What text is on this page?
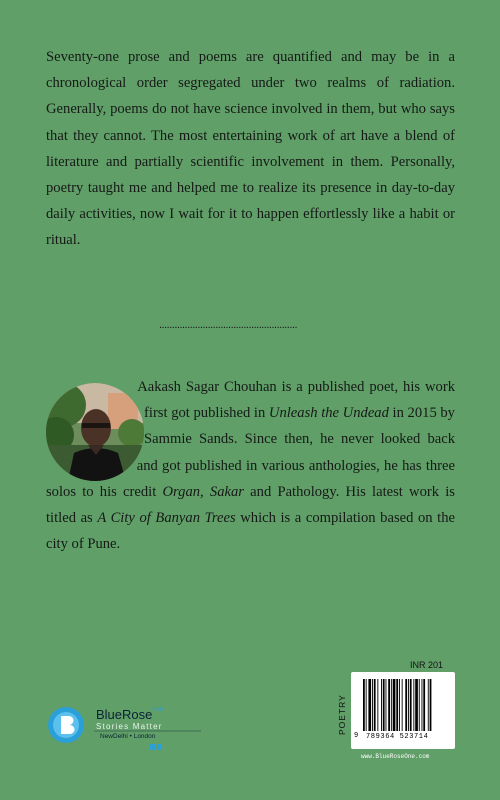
Seventy-one prose and poems are quantified and may be in a chronological order segregated under two realms of radiation. Generally, poems do not have science involved in them, but who says that they cannot. The most entertaining work of art have a blend of literature and partially scientific involvement in them. Personally, poetry taught me and helped me to realize its presence in day-to-day daily activities, now I wait for it to happen effortlessly like a habit or ritual.
......................................................
Aakash Sagar Chouhan is a published poet, his work first got published in Unleash the Undead in 2015 by Sammie Sands. Since then, he never looked back and got published in various anthologies, he has three solos to his credit Organ, Sakar and Pathology. His latest work is titled as A City of Banyan Trees which is a compilation based on the city of Pune.
BlueRose$^{ONE}$
Stories Matter
NewDelhi • London
INR 201
POETRY
9 789364 523714
www.BlueRoseOne.com
